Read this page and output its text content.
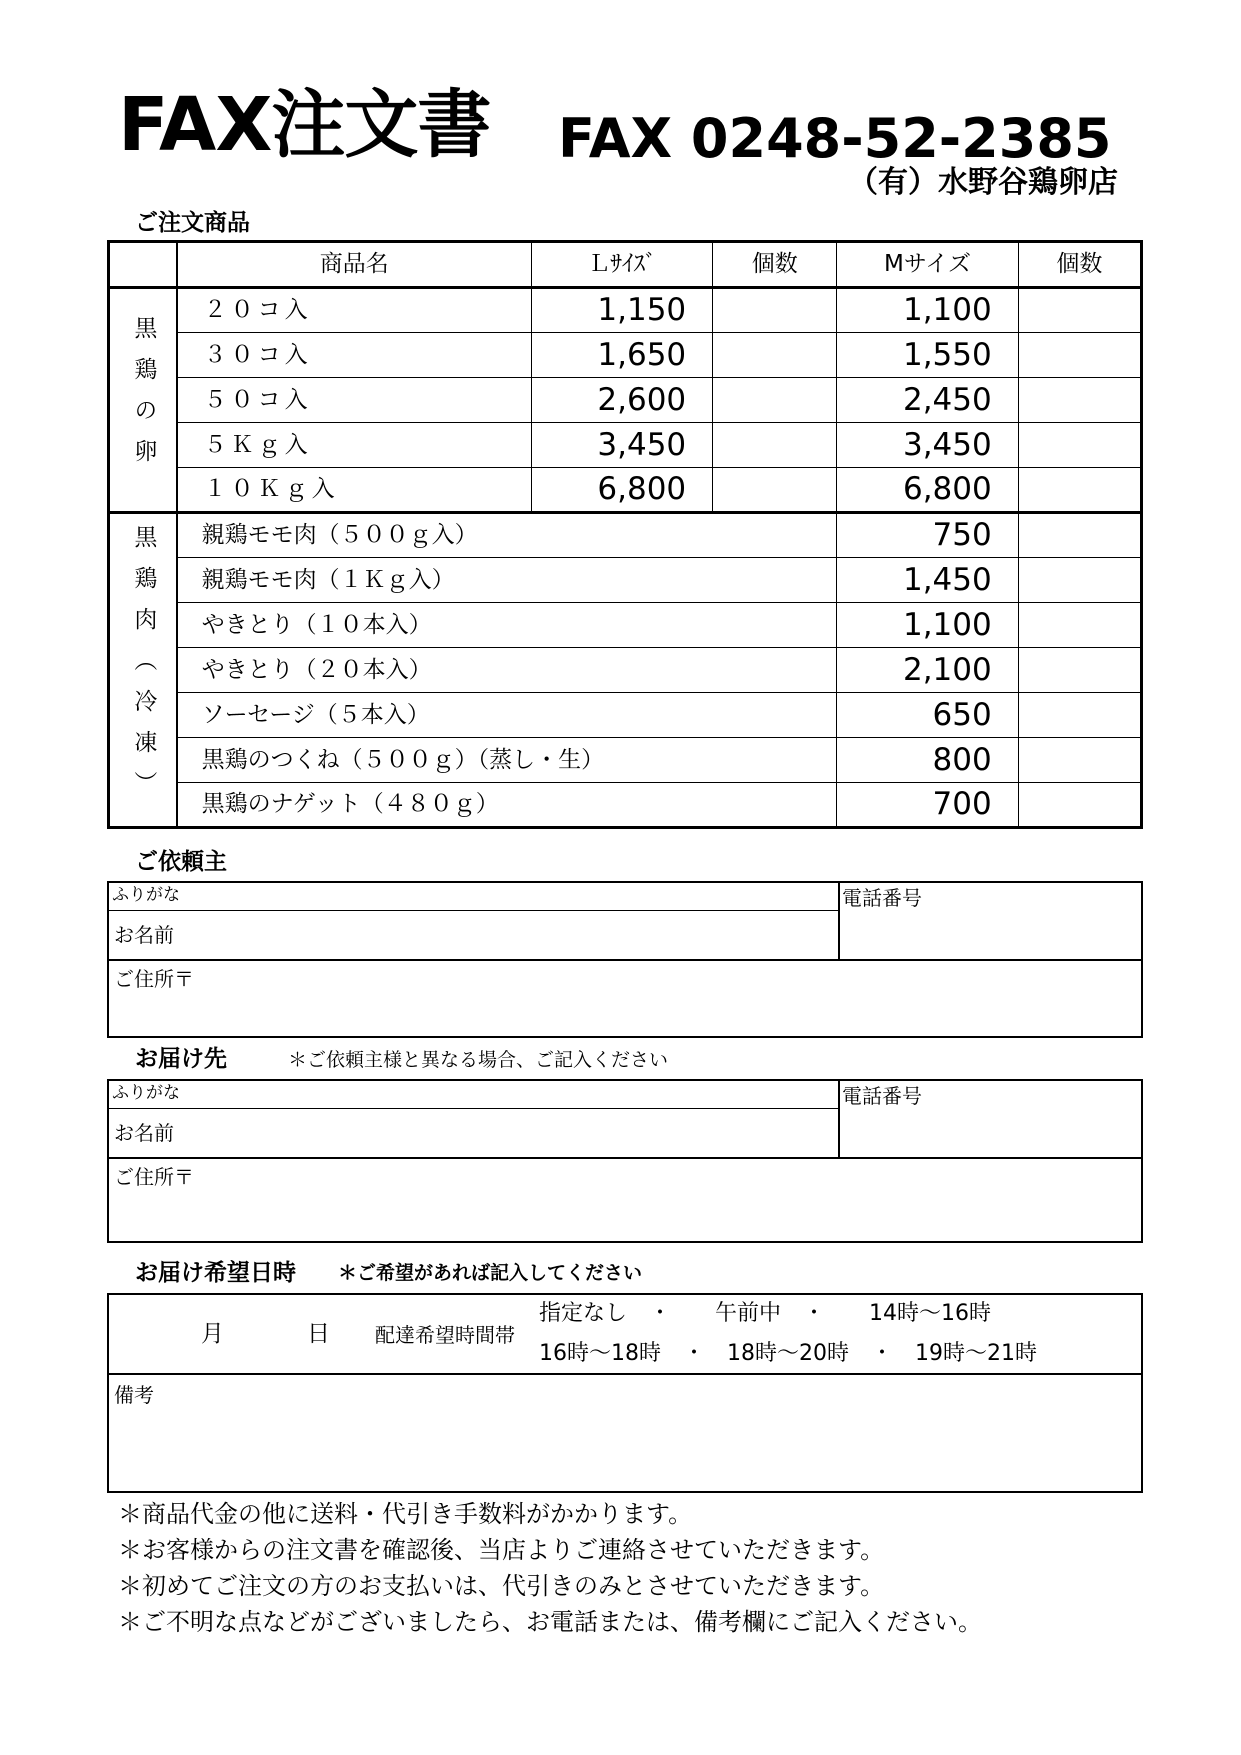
FAX注文書 FAX 0248-52-2385
（有）水野谷鶏卵店
ご注文商品
	商品名	Ｌｻｲｽﾞ	個数	Mサイズ	個数
黒鶏の卵	２０コ入	1,150		1,100	
	３０コ入	1,650		1,550	
	５０コ入	2,600		2,450	
	５Ｋｇ入	3,450		3,450	
	１０Ｋｇ入	6,800		6,800	
黒鶏肉︵冷凍︶	親鶏モモ肉（５００ｇ入）			750	
	親鶏モモ肉（１Ｋｇ入）			1,450	
	やきとり（１０本入）			1,100	
	やきとり（２０本入）			2,100	
	ソーセージ（５本入）			650	
	黒鶏のつくね（５００ｇ）（蒸し・生）			800	
	黒鶏のナゲット（４８０ｇ）			700	
ご依頼主
ふりがな
お名前
電話番号
ご住所〒
お届け先	＊ご依頼主様と異なる場合、ご記入ください
ふりがな
お名前
電話番号
ご住所〒
お届け希望日時 ＊ご希望があれば記入してください
月	日 配達希望時間帯
指定なし　・　　午前中　・　　14時～16時
16時～18時　・　18時～20時　・　19時～21時
備考
＊商品代金の他に送料・代引き手数料がかかります。
＊お客様からの注文書を確認後、当店よりご連絡させていただきます。
＊初めてご注文の方のお支払いは、代引きのみとさせていただきます。
＊ご不明な点などがございましたら、お電話または、備考欄にご記入ください。
